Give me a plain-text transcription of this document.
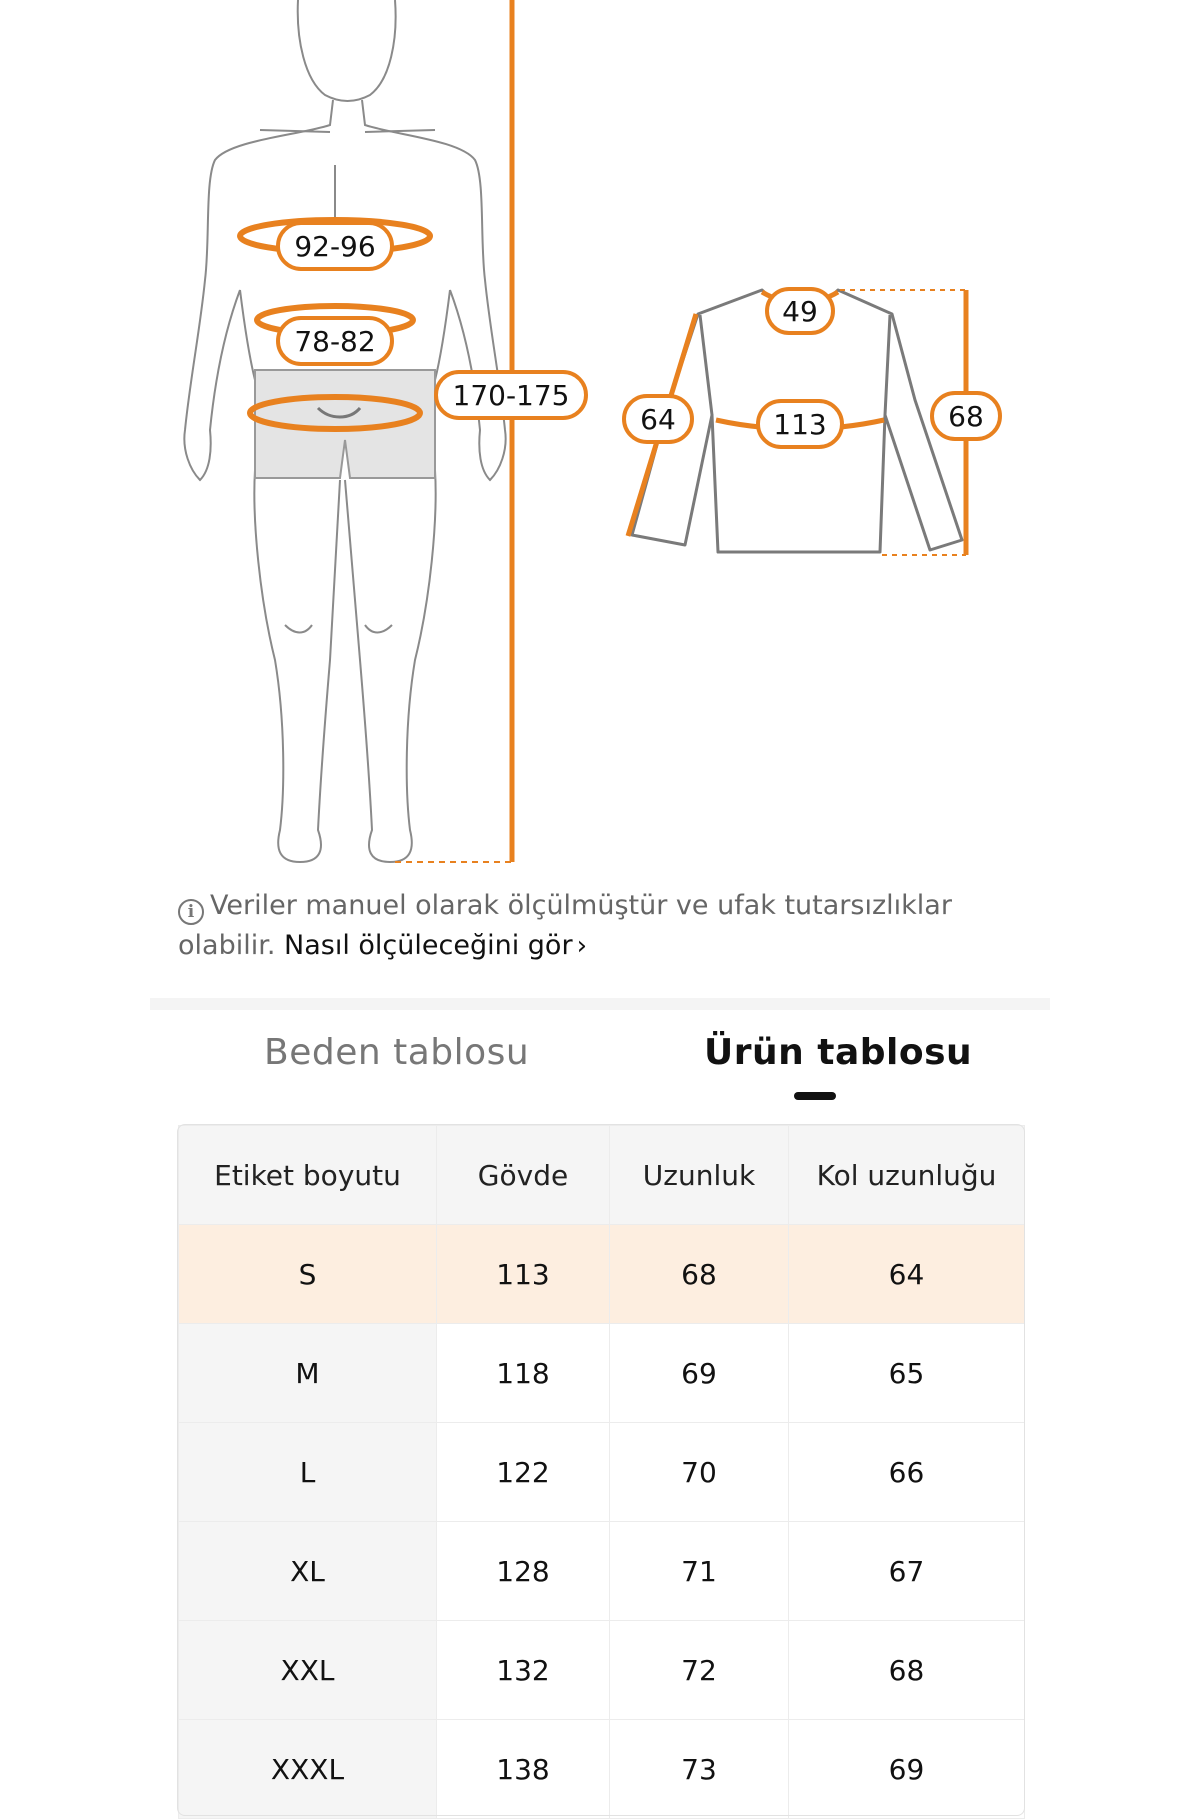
92-96
78-82
170-175
49
113
64	68
i Veriler manuel olarak ölçülmüştür ve ufak tutarsızlıklar olabilir. Nasıl ölçüleceğini gör ›
Beden tablosu	Ürün tablosu
Etiket boyutu	Gövde	Uzunluk	Kol uzunluğu
S	113	68	64
M	118	69	65
L	122	70	66
XL	128	71	67
XXL	132	72	68
XXXL	138	73	69
